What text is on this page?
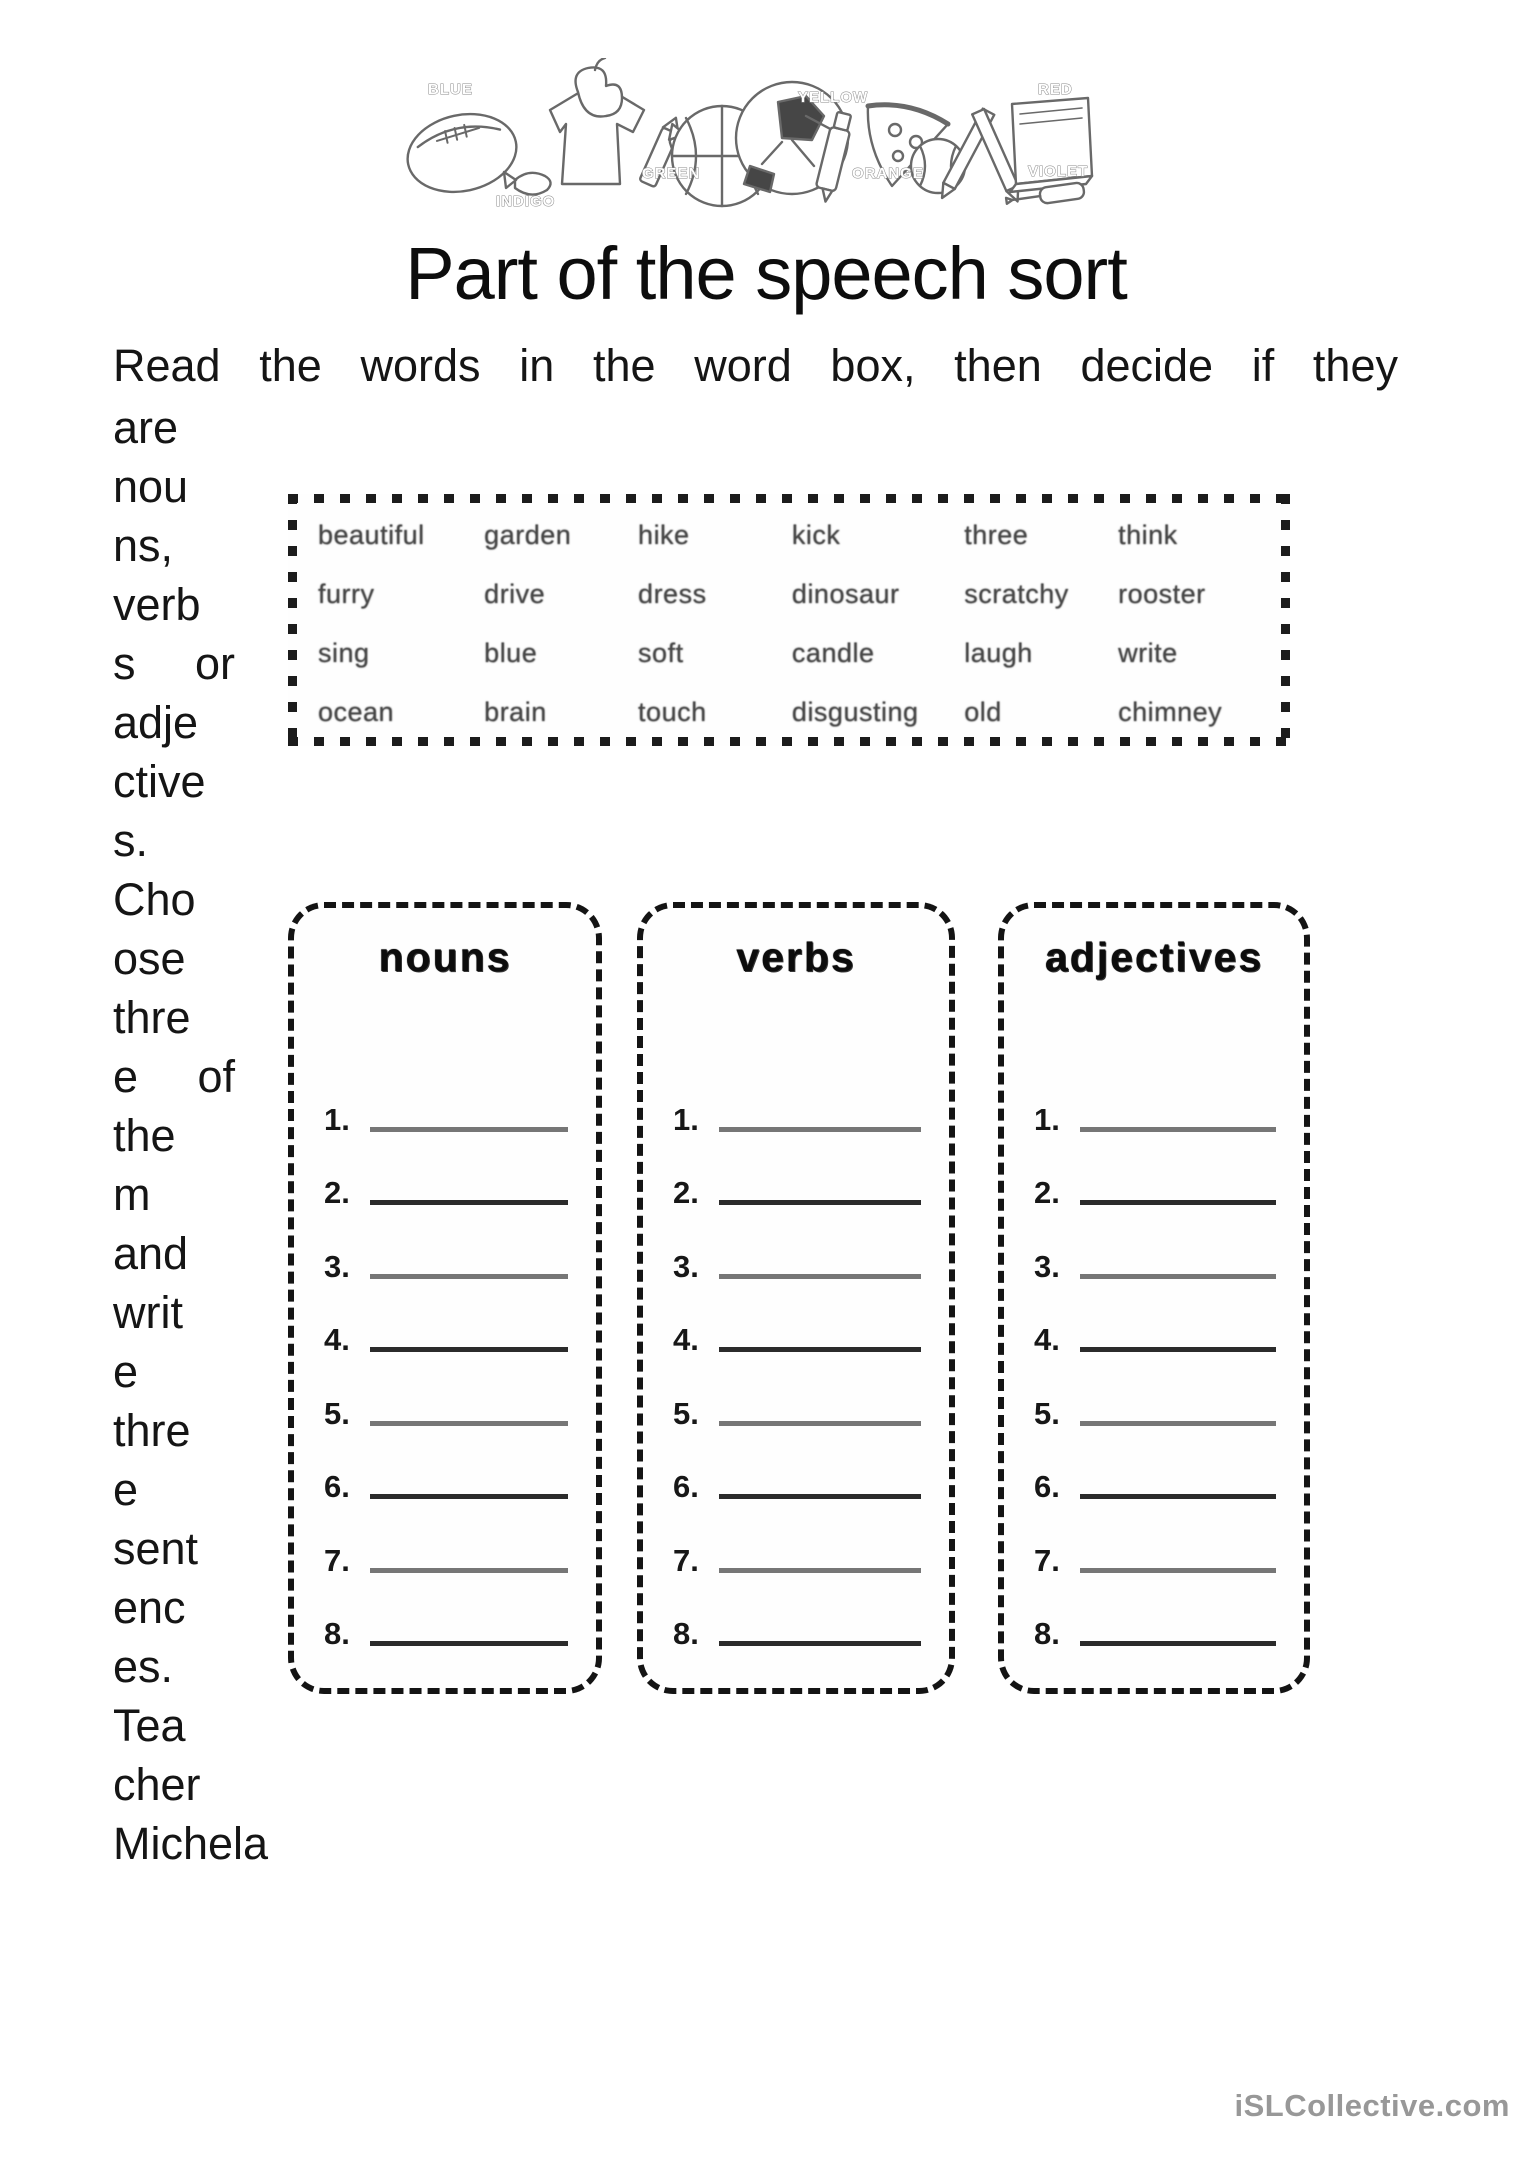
BLUE
INDIGO
GREEN
YELLOW
ORANGE
RED
VIOLET
Part of the speech sort
Read the words in the word box, then decide if they
are
nou
ns,
verb
s or
adje
ctive
s.
Cho
ose
thre
e of
the
m
and
writ
e
thre
e
sent
enc
es.
Tea
cher
Michela
beautiful	garden	hike	kick	three	think
furry	drive	dress	dinosaur	scratchy	rooster
sing	blue	soft	candle	laugh	write
ocean	brain	touch	disgusting	old	chimney
nouns
1.
2.
3.
4.
5.
6.
7.
8.
verbs
1.
2.
3.
4.
5.
6.
7.
8.
adjectives
1.
2.
3.
4.
5.
6.
7.
8.
iSLCollective.com
